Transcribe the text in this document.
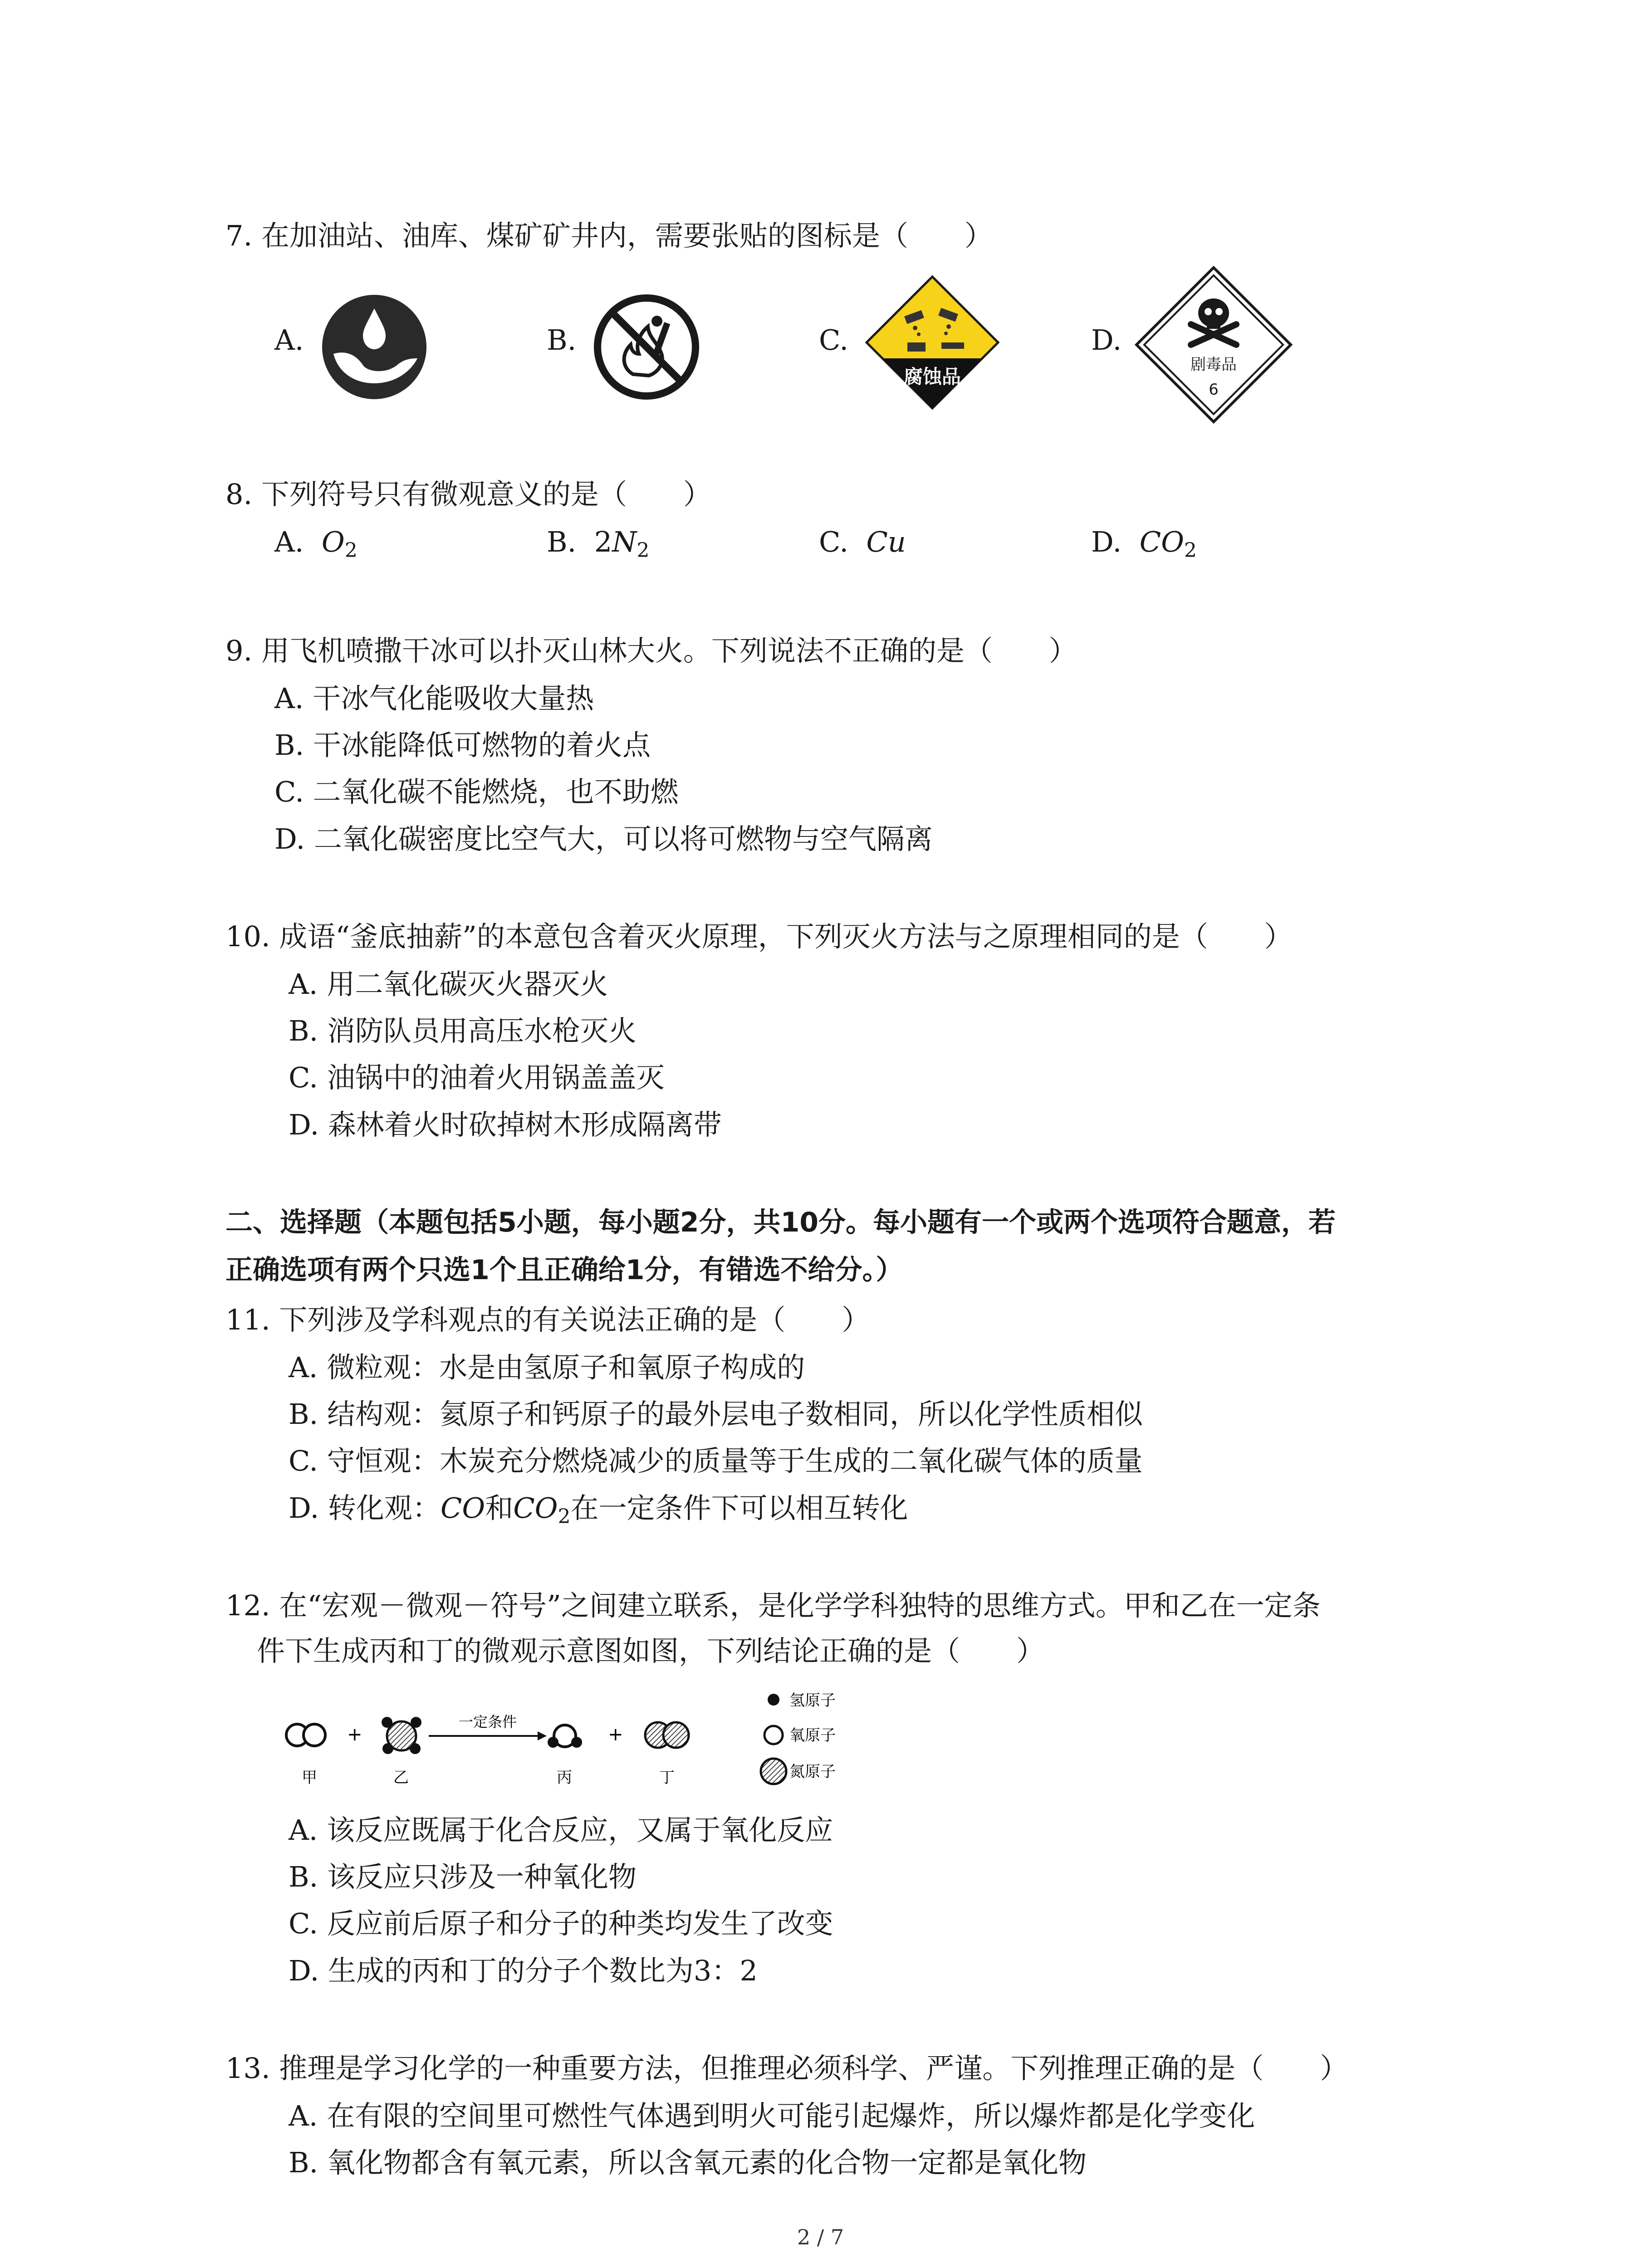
7. 在加油站、油库、煤矿矿井内，需要张贴的图标是（　　）
A.	B.	C.
腐蚀品
D.
剧毒品
6
8. 下列符号只有微观意义的是（　　）
A. $O_2$	B. $2N_2$	C. Cu	D. $CO_2$
9. 用飞机喷撒干冰可以扑灭山林大火。下列说法不正确的是（　　）
A. 干冰气化能吸收大量热
B. 干冰能降低可燃物的着火点
C. 二氧化碳不能燃烧，也不助燃
D. 二氧化碳密度比空气大，可以将可燃物与空气隔离
10. 成语“釜底抽薪”的本意包含着灭火原理，下列灭火方法与之原理相同的是（　　）
A. 用二氧化碳灭火器灭火
B. 消防队员用高压水枪灭火
C. 油锅中的油着火用锅盖盖灭
D. 森林着火时砍掉树木形成隔离带
二、选择题（本题包括5小题，每小题2分，共10分。每小题有一个或两个选项符合题意，若
正确选项有两个只选1个且正确给1分，有错选不给分。）
11. 下列涉及学科观点的有关说法正确的是（　　）
A. 微粒观：水是由氢原子和氧原子构成的
B. 结构观：氦原子和钙原子的最外层电子数相同，所以化学性质相似
C. 守恒观：木炭充分燃烧减少的质量等于生成的二氧化碳气体的质量
D. 转化观：CO和$CO_2$在一定条件下可以相互转化
12. 在“宏观－微观－符号”之间建立联系，是化学学科独特的思维方式。甲和乙在一定条
件下生成丙和丁的微观示意图如图，下列结论正确的是（　　）
+
一定条件
+
甲	乙	丙	丁
氢原子
氧原子
氮原子
A. 该反应既属于化合反应，又属于氧化反应
B. 该反应只涉及一种氧化物
C. 反应前后原子和分子的种类均发生了改变
D. 生成的丙和丁的分子个数比为3：2
13. 推理是学习化学的一种重要方法，但推理必须科学、严谨。下列推理正确的是（　　）
A. 在有限的空间里可燃性气体遇到明火可能引起爆炸，所以爆炸都是化学变化
B. 氧化物都含有氧元素，所以含氧元素的化合物一定都是氧化物
2 / 7
